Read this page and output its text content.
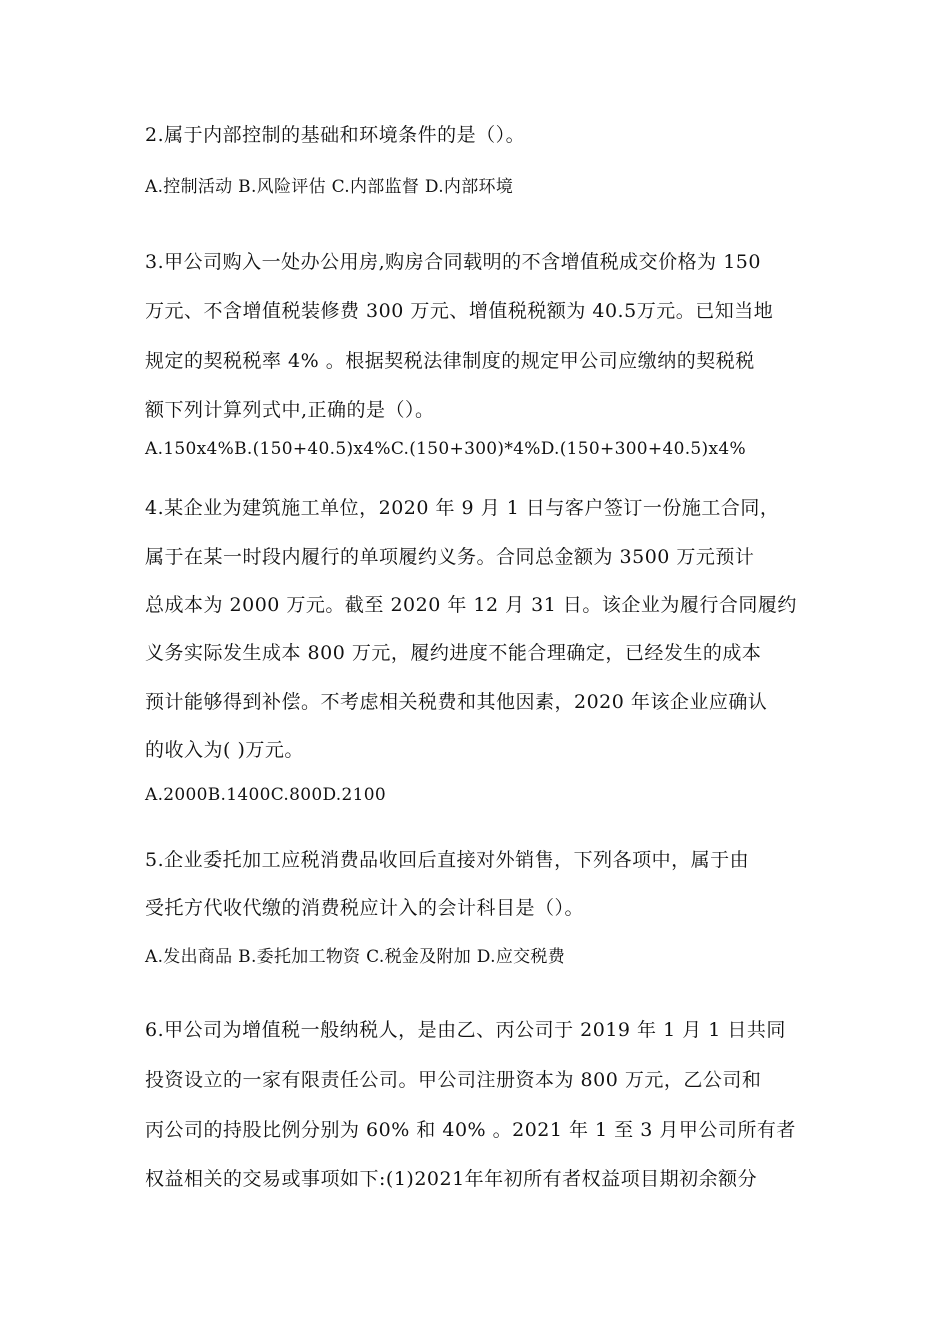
2.属于内部控制的基础和环境条件的是（）。
A.控制活动 B.风险评估 C.内部监督 D.内部环境
3.甲公司购入一处办公用房,购房合同载明的不含增值税成交价格为 150
万元、不含增值税装修费 300 万元、增值税税额为 40.5万元。已知当地
规定的契税税率 4% 。根据契税法律制度的规定甲公司应缴纳的契税税
额下列计算列式中,正确的是（）。
A.150x4%B.(150+40.5)x4%C.(150+300)*4%D.(150+300+40.5)x4%
4.某企业为建筑施工单位，2020 年 9 月 1 日与客户签订一份施工合同，
属于在某一时段内履行的单项履约义务。合同总金额为 3500 万元预计
总成本为 2000 万元。截至 2020 年 12 月 31 日。该企业为履行合同履约
义务实际发生成本 800 万元，履约进度不能合理确定，已经发生的成本
预计能够得到补偿。不考虑相关税费和其他因素，2020 年该企业应确认
的收入为( )万元。
A.2000B.1400C.800D.2100
5.企业委托加工应税消费品收回后直接对外销售，下列各项中，属于由
受托方代收代缴的消费税应计入的会计科目是（）。
A.发出商品 B.委托加工物资 C.税金及附加 D.应交税费
6.甲公司为增值税一般纳税人，是由乙、丙公司于 2019 年 1 月 1 日共同
投资设立的一家有限责任公司。甲公司注册资本为 800 万元，乙公司和
丙公司的持股比例分别为 60% 和 40% 。2021 年 1 至 3 月甲公司所有者
权益相关的交易或事项如下:(1)2021年年初所有者权益项目期初余额分
